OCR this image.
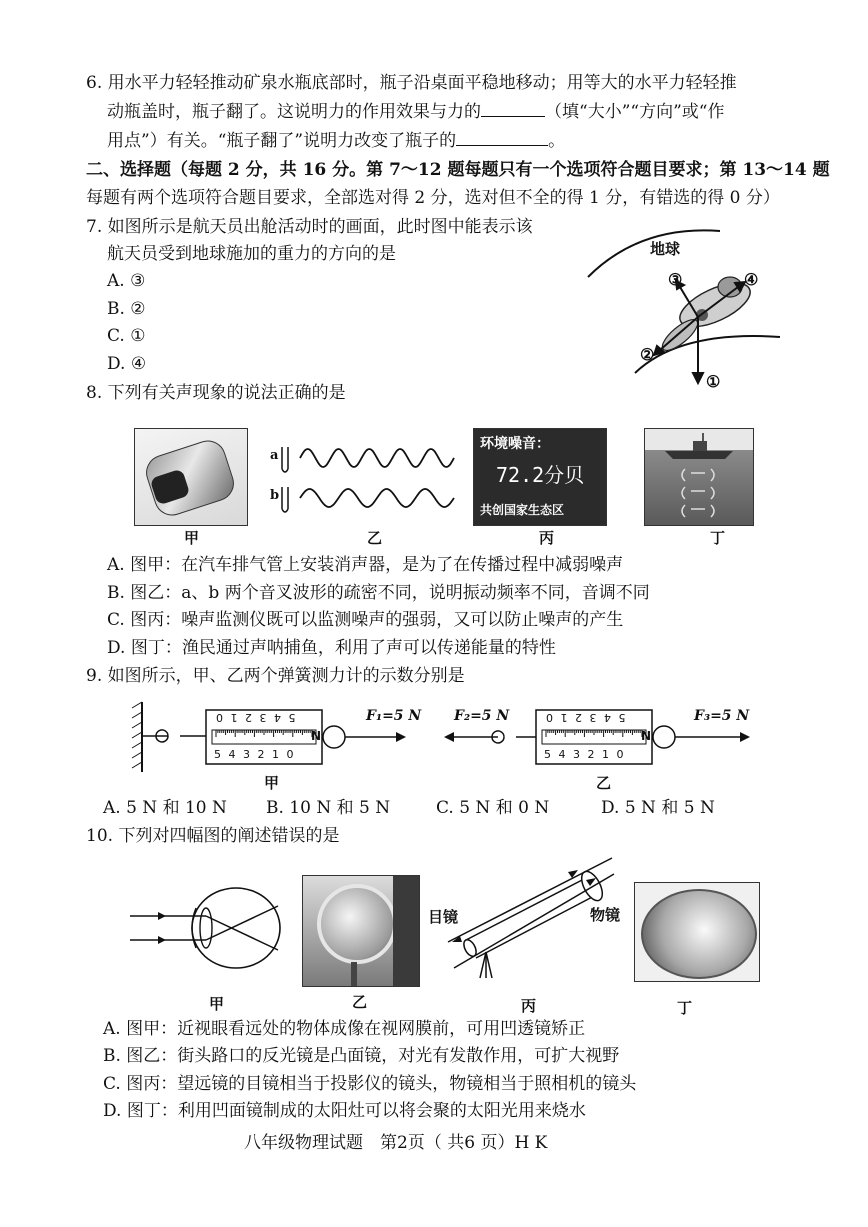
6. 用水平力轻轻推动矿泉水瓶底部时，瓶子沿桌面平稳地移动；用等大的水平力轻轻推
动瓶盖时，瓶子翻了。这说明力的作用效果与力的	（填“大小”“方向”或“作
用点”）有关。“瓶子翻了”说明力改变了瓶子的	。
二、选择题（每题 2 分，共 16 分。第 7～12 题每题只有一个选项符合题目要求；第 13～14 题
每题有两个选项符合题目要求，全部选对得 2 分，选对但不全的得 1 分，有错选的得 0 分）
7. 如图所示是航天员出舱活动时的画面，此时图中能表示该
航天员受到地球施加的重力的方向的是
A. ③
B. ②
C. ①
D. ④
地球
③	④
②
①
8. 下列有关声现象的说法正确的是
a
b
环境噪音：
72.2分贝
共创国家生态区
甲	乙	丙	丁
A. 图甲：在汽车排气管上安装消声器，是为了在传播过程中减弱噪声
B. 图乙：a、b 两个音叉波形的疏密不同，说明振动频率不同，音调不同
C. 图丙：噪声监测仪既可以监测噪声的强弱，又可以防止噪声的产生
D. 图丁：渔民通过声呐捕鱼，利用了声可以传递能量的特性
9. 如图所示，甲、乙两个弹簧测力计的示数分别是
5 4 3 2 1 0
5 4 3 2 1 0
N
F₁=5 N
甲
5 4 3 2 1 0
5 4 3 2 1 0
N
F₂=5 N	F₃=5 N
乙
A. 5 N 和 10 N B. 10 N 和 5 N	C. 5 N 和 0 N	D. 5 N 和 5 N
10. 下列对四幅图的阐述错误的是
目镜	物镜
甲	乙	丙	丁
A. 图甲：近视眼看远处的物体成像在视网膜前，可用凹透镜矫正
B. 图乙：街头路口的反光镜是凸面镜，对光有发散作用，可扩大视野
C. 图丙：望远镜的目镜相当于投影仪的镜头，物镜相当于照相机的镜头
D. 图丁：利用凹面镜制成的太阳灶可以将会聚的太阳光用来烧水
八年级物理试题　第2页（ 共6 页）H K
